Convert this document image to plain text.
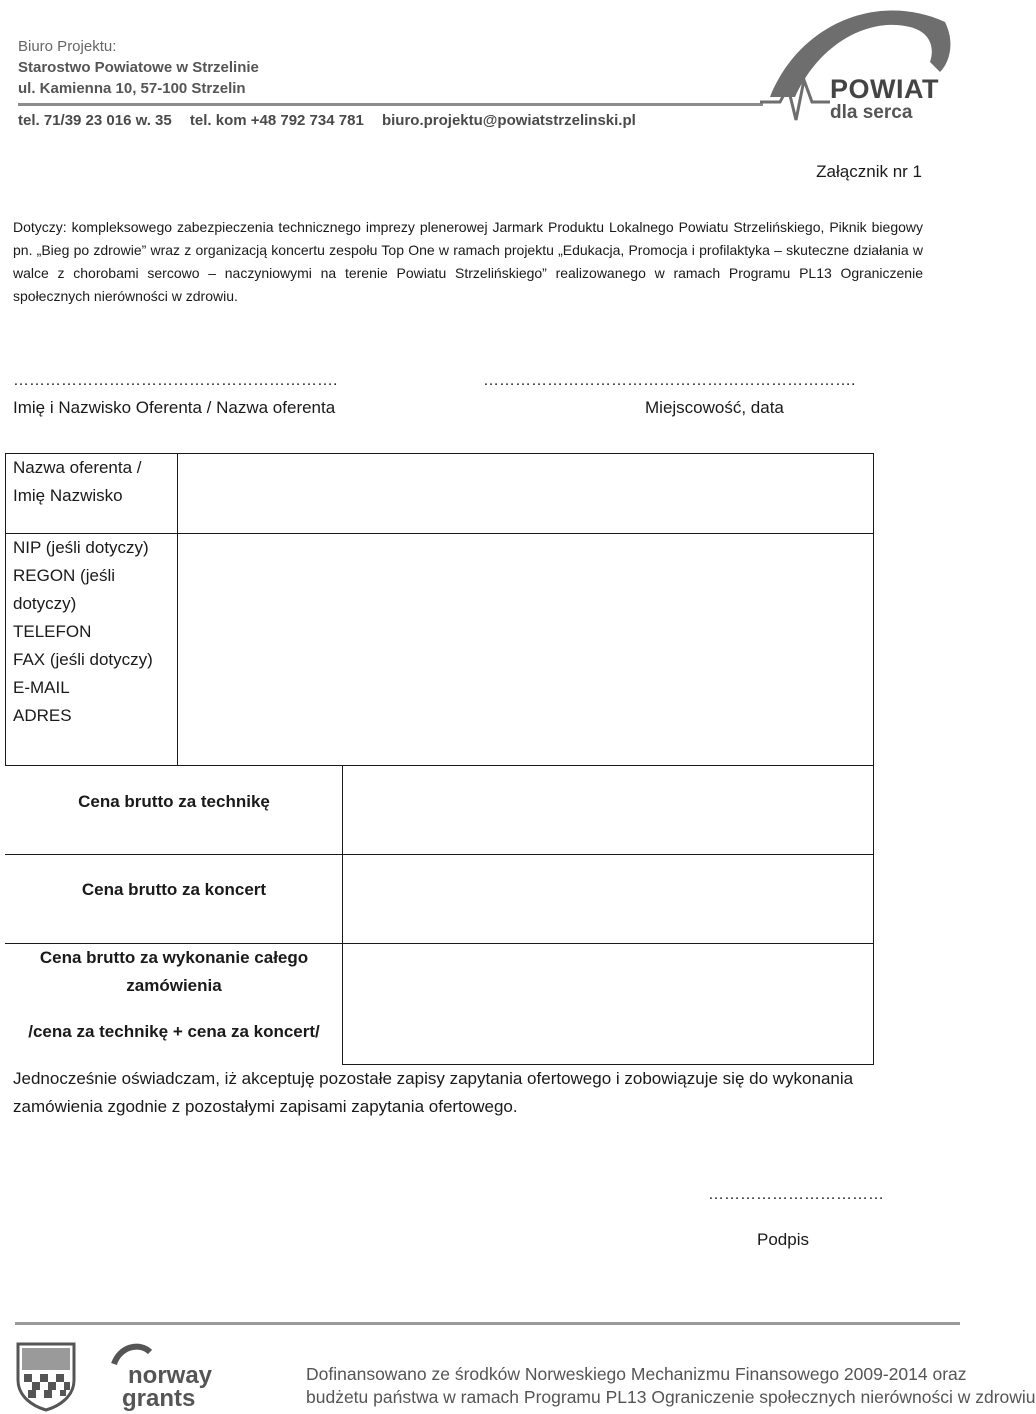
Biuro Projektu:
Starostwo Powiatowe w Strzelinie
ul. Kamienna 10, 57-100 Strzelin
tel. 71/39 23 016 w. 35 tel. kom +48 792 734 781 biuro.projektu@powiatstrzelinski.pl
POWIAT
dla serca
Załącznik nr 1
Dotyczy: kompleksowego zabezpieczenia technicznego imprezy plenerowej Jarmark Produktu Lokalnego Powiatu Strzelińskiego, Piknik biegowy pn. „Bieg po zdrowie” wraz z organizacją koncertu zespołu Top One w ramach projektu „Edukacja, Promocja i profilaktyka – skuteczne działania w walce z chorobami sercowo – naczyniowymi na terenie Powiatu Strzelińskiego” realizowanego w ramach Programu PL13 Ograniczenie społecznych nierówności w zdrowiu.
…………………………………………………….
Imię i Nazwisko Oferenta / Nazwa oferenta
…………………………………………………………….
Miejscowość, data
Nazwa oferenta /
Imię Nazwisko
NIP (jeśli dotyczy)
REGON (jeśli
dotyczy)
TELEFON
FAX (jeśli dotyczy)
E-MAIL
ADRES
Cena brutto za technikę
Cena brutto za koncert
Cena brutto za wykonanie całego
zamówienia
/cena za technikę + cena za koncert/
Jednocześnie oświadczam, iż akceptuję pozostałe zapisy zapytania ofertowego i zobowiązuje się do wykonania zamówienia zgodnie z pozostałymi zapisami zapytania ofertowego.
……………………………
Podpis
norway
grants
Dofinansowano ze środków Norweskiego Mechanizmu Finansowego 2009-2014 oraz
budżetu państwa w ramach Programu PL13 Ograniczenie społecznych nierówności w zdrowiu
